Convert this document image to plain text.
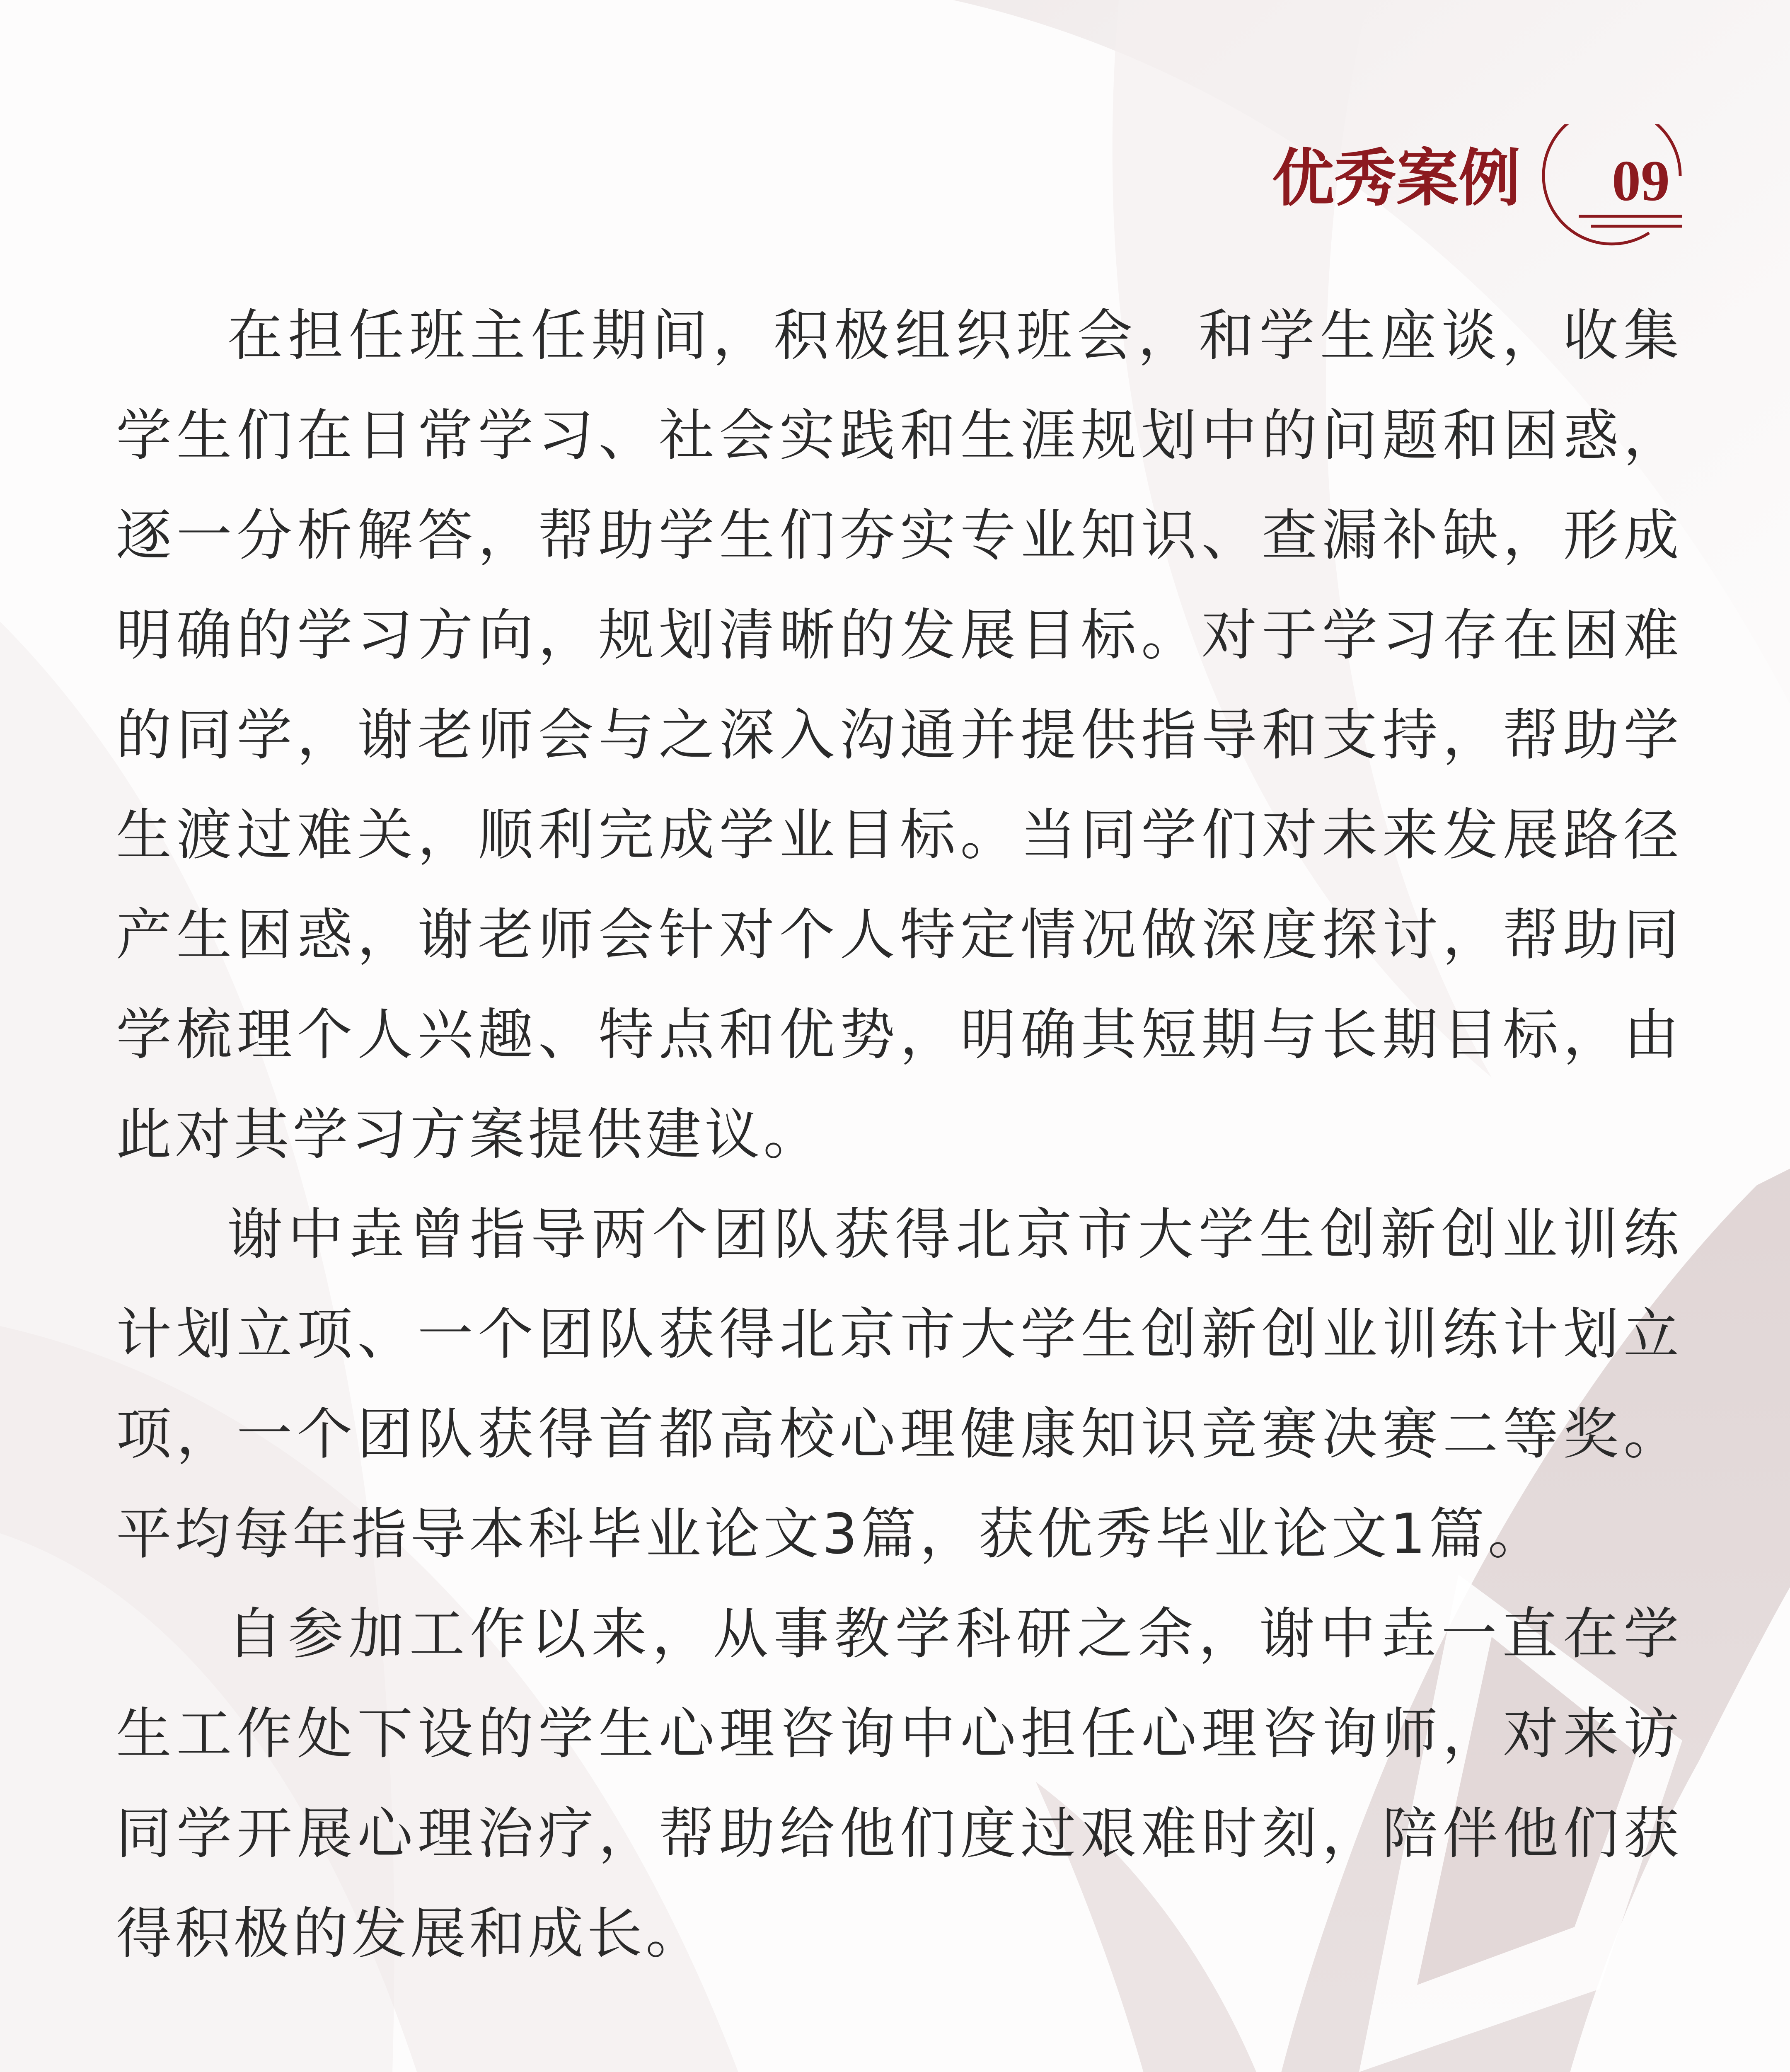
优秀案例 09

在担任班主任期间，积极组织班会，和学生座谈，收集学生们在日常学习、社会实践和生涯规划中的问题和困惑，逐一分析解答，帮助学生们夯实专业知识、查漏补缺，形成明确的学习方向，规划清晰的发展目标。对于学习存在困难的同学，谢老师会与之深入沟通并提供指导和支持，帮助学生渡过难关，顺利完成学业目标。当同学们对未来发展路径产生困惑，谢老师会针对个人特定情况做深度探讨，帮助同学梳理个人兴趣、特点和优势，明确其短期与长期目标，由此对其学习方案提供建议。

谢中垚曾指导两个团队获得北京市大学生创新创业训练计划立项、一个团队获得北京市大学生创新创业训练计划立项，一个团队获得首都高校心理健康知识竞赛决赛二等奖。平均每年指导本科毕业论文3篇，获优秀毕业论文1篇。

自参加工作以来，从事教学科研之余，谢中垚一直在学生工作处下设的学生心理咨询中心担任心理咨询师，对来访同学开展心理治疗，帮助给他们度过艰难时刻，陪伴他们获得积极的发展和成长。
